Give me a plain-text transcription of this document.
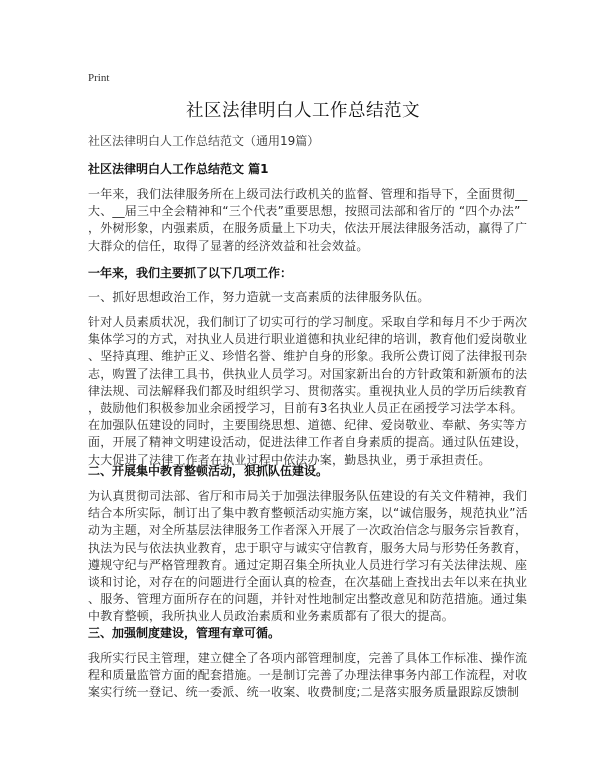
Print
社区法律明白人工作总结范文
社区法律明白人工作总结范文（通用19篇）
社区法律明白人工作总结范文 篇1

一年来，我们法律服务所在上级司法行政机关的监督、管理和指导下，全面贯彻__
大、__届三中全会精神和“三个代表”重要思想，按照司法部和省厅的 “四个办法”
，外树形象，内强素质，在服务质量上下功夫，依法开展法律服务活动，赢得了广
大群众的信任，取得了显著的经济效益和社会效益。

一年来，我们主要抓了以下几项工作：

一、抓好思想政治工作，努力造就一支高素质的法律服务队伍。

针对人员素质状况，我们制订了切实可行的学习制度。采取自学和每月不少于两次
集体学习的方式，对执业人员进行职业道德和执业纪律的培训，教育他们爱岗敬业
、坚持真理、维护正义、珍惜名誉、维护自身的形象。我所公费订阅了法律报刊杂
志，购置了法律工具书，供执业人员学习。对国家新出台的方针政策和新颁布的法
律法规、司法解释我们都及时组织学习、贯彻落实。重视执业人员的学历后续教育
，鼓励他们积极参加业余函授学习，目前有3名执业人员正在函授学习法学本科。
在加强队伍建设的同时，主要围绕思想、道德、纪律、爱岗敬业、奉献、务实等方
面，开展了精神文明建设活动，促进法律工作者自身素质的提高。通过队伍建设，
大大促进了法律工作者在执业过程中依法办案，勤恳执业，勇于承担责任。

二、开展集中教育整顿活动，狠抓队伍建设。

为认真贯彻司法部、省厅和市局关于加强法律服务队伍建设的有关文件精神，我们
结合本所实际，制订出了集中教育整顿活动实施方案，以“诚信服务，规范执业”活
动为主题，对全所基层法律服务工作者深入开展了一次政治信念与服务宗旨教育，
执法为民与依法执业教育，忠于职守与诚实守信教育，服务大局与形势任务教育，
遵规守纪与严格管理教育。通过定期召集全所执业人员进行学习有关法律法规、座
谈和讨论，对存在的问题进行全面认真的检查，在次基础上查找出去年以来在执业
、服务、管理方面所存在的问题，并针对性地制定出整改意见和防范措施。通过集
中教育整顿，我所执业人员政治素质和业务素质都有了很大的提高。

三、加强制度建设，管理有章可循。

我所实行民主管理，建立健全了各项内部管理制度，完善了具体工作标准、操作流
程和质量监管方面的配套措施。一是制订完善了办理法律事务内部工作流程，对收
案实行统一登记、统一委派、统一收案、收费制度;二是落实服务质量跟踪反馈制
